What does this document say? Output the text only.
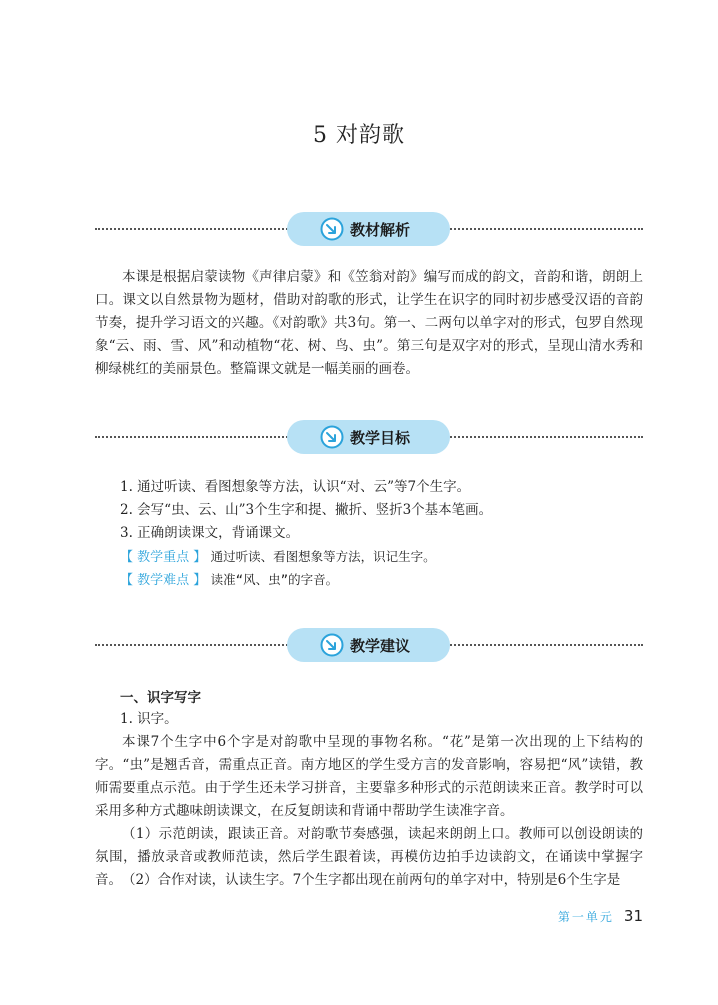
5 对韵歌
教材解析

本课是根据启蒙读物《声律启蒙》和《笠翁对韵》编写而成的韵文，音韵和谐，朗朗上口。课文以自然景物为题材，借助对韵歌的形式，让学生在识字的同时初步感受汉语的音韵节奏，提升学习语文的兴趣。《对韵歌》共3句。第一、二两句以单字对的形式，包罗自然现象“云、雨、雪、风”和动植物“花、树、鸟、虫”。第三句是双字对的形式，呈现山清水秀和柳绿桃红的美丽景色。整篇课文就是一幅美丽的画卷。

教学目标

1. 通过听读、看图想象等方法，认识“对、云”等7个生字。

2. 会写“虫、云、山”3个生字和提、撇折、竖折3个基本笔画。

3. 正确朗读课文，背诵课文。

【 教学重点 】 通过听读、看图想象等方法，识记生字。

【 教学难点 】 读准“风、虫”的字音。

教学建议
一、识字写字

1. 识字。

本课7个生字中6个字是对韵歌中呈现的事物名称。“花”是第一次出现的上下结构的字。“虫”是翘舌音，需重点正音。南方地区的学生受方言的发音影响，容易把“风”读错，教师需要重点示范。由于学生还未学习拼音，主要靠多种形式的示范朗读来正音。教学时可以采用多种方式趣味朗读课文，在反复朗读和背诵中帮助学生读准字音。

（1）示范朗读，跟读正音。对韵歌节奏感强，读起来朗朗上口。教师可以创设朗读的氛围，播放录音或教师范读，然后学生跟着读，再模仿边拍手边读韵文，在诵读中掌握字音。 （2）合作对读，认读生字。7个生字都出现在前两句的单字对中，特别是6个生字是

第一单元 31
